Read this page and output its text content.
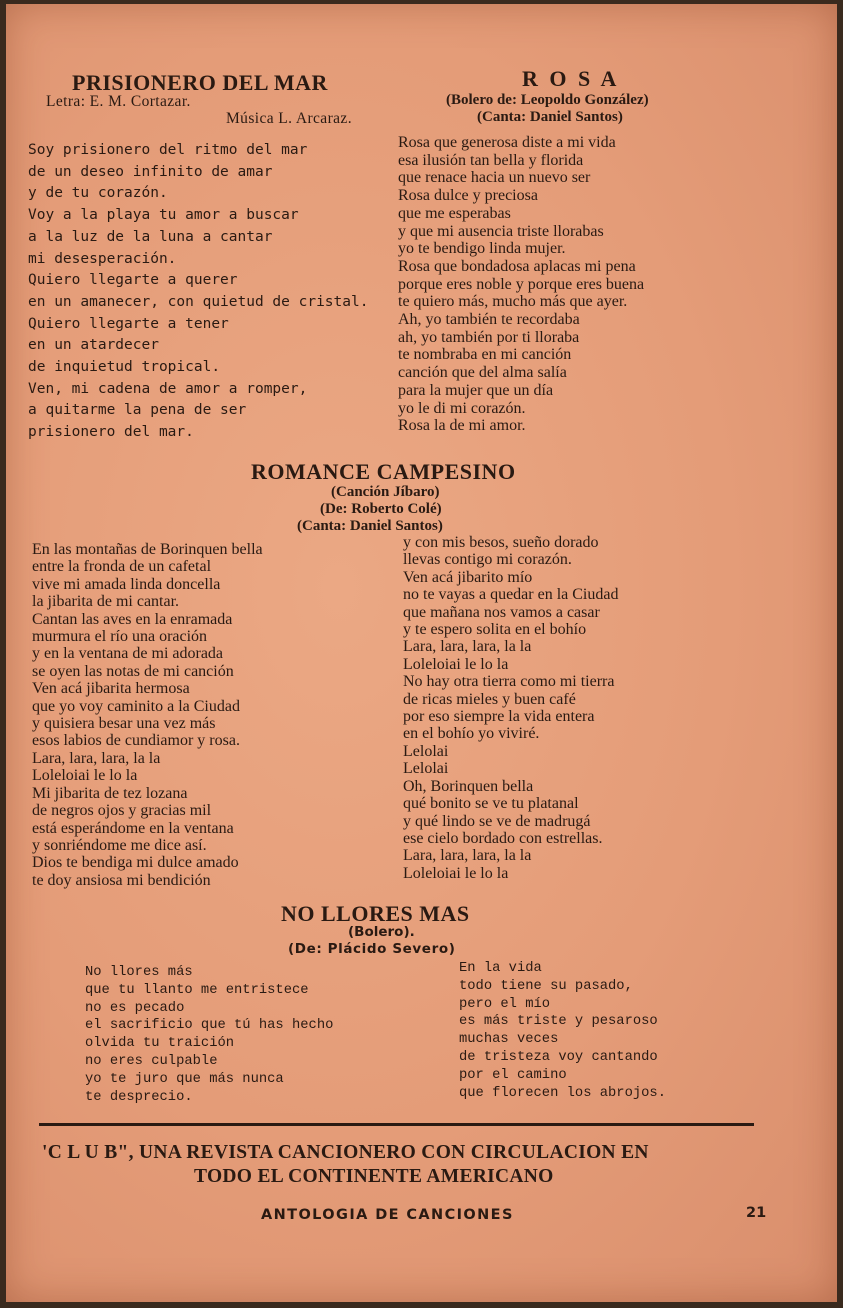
PRISIONERO DEL MAR
Letra: E. M. Cortazar.
Música L. Arcaraz.
Soy prisionero del ritmo del mar
de un deseo infinito de amar
y de tu corazón.
Voy a la playa tu amor a buscar
a la luz de la luna a cantar
mi desesperación.
Quiero llegarte a querer
en un amanecer, con quietud de cristal.
Quiero llegarte a tener
en un atardecer
de inquietud tropical.
Ven, mi cadena de amor a romper,
a quitarme la pena de ser
prisionero del mar.
R O S A
(Bolero de: Leopoldo González)
(Canta: Daniel Santos)
Rosa que generosa diste a mi vida
esa ilusión tan bella y florida
que renace hacia un nuevo ser
Rosa dulce y preciosa
que me esperabas
y que mi ausencia triste llorabas
yo te bendigo linda mujer.
Rosa que bondadosa aplacas mi pena
porque eres noble y porque eres buena
te quiero más, mucho más que ayer.
Ah, yo también te recordaba
ah, yo también por ti lloraba
te nombraba en mi canción
canción que del alma salía
para la mujer que un día
yo le di mi corazón.
Rosa la de mi amor.
ROMANCE CAMPESINO
(Canción Jíbaro)
(De: Roberto Colé)
(Canta: Daniel Santos)
En las montañas de Borinquen bella
entre la fronda de un cafetal
vive mi amada linda doncella
la jibarita de mi cantar.
Cantan las aves en la enramada
murmura el río una oración
y en la ventana de mi adorada
se oyen las notas de mi canción
Ven acá jibarita hermosa
que yo voy caminito a la Ciudad
y quisiera besar una vez más
esos labios de cundiamor y rosa.
Lara, lara, lara, la la
Loleloiai le lo la
Mi jibarita de tez lozana
de negros ojos y gracias mil
está esperándome en la ventana
y sonriéndome me dice así.
Dios te bendiga mi dulce amado
te doy ansiosa mi bendición
y con mis besos, sueño dorado
llevas contigo mi corazón.
Ven acá jibarito mío
no te vayas a quedar en la Ciudad
que mañana nos vamos a casar
y te espero solita en el bohío
Lara, lara, lara, la la
Loleloiai le lo la
No hay otra tierra como mi tierra
de ricas mieles y buen café
por eso siempre la vida entera
en el bohío yo viviré.
Lelolai
Lelolai
Oh, Borinquen bella
qué bonito se ve tu platanal
y qué lindo se ve de madrugá
ese cielo bordado con estrellas.
Lara, lara, lara, la la
Loleloiai le lo la
NO LLORES MAS
(Bolero).
(De: Plácido Severo)
No llores más
que tu llanto me entristece
no es pecado
el sacrificio que tú has hecho
olvida tu traición
no eres culpable
yo te juro que más nunca
te desprecio.
En la vida
todo tiene su pasado,
pero el mío
es más triste y pesaroso
muchas veces
de tristeza voy cantando
por el camino
que florecen los abrojos.
'C L U B", UNA REVISTA CANCIONERO CON CIRCULACION EN
TODO EL CONTINENTE AMERICANO
ANTOLOGIA DE CANCIONES	21
